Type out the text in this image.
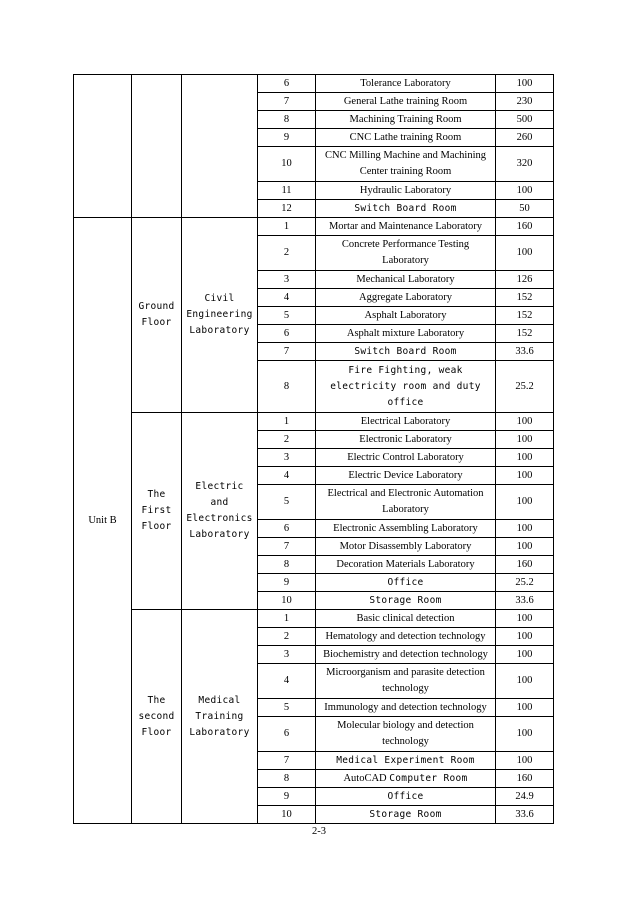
			6	Tolerance Laboratory	100
			7	General Lathe training Room	230
			8	Machining Training Room	500
			9	CNC Lathe training Room	260
			10	CNC Milling Machine and Machining Center training Room	320
			11	Hydraulic Laboratory	100
			12	Switch Board Room	50
Unit B	Ground Floor	Civil Engineering Laboratory	1	Mortar and Maintenance Laboratory	160
			2	Concrete Performance Testing Laboratory	100
			3	Mechanical Laboratory	126
			4	Aggregate Laboratory	152
			5	Asphalt Laboratory	152
			6	Asphalt mixture Laboratory	152
			7	Switch Board Room	33.6
			8	Fire Fighting, weak electricity room and duty office	25.2
	The First Floor	Electric and Electronics Laboratory	1	Electrical Laboratory	100
			2	Electronic Laboratory	100
			3	Electric Control Laboratory	100
			4	Electric Device Laboratory	100
			5	Electrical and Electronic Automation Laboratory	100
			6	Electronic Assembling Laboratory	100
			7	Motor Disassembly Laboratory	100
			8	Decoration Materials Laboratory	160
			9	Office	25.2
			10	Storage Room	33.6
	The second Floor	Medical Training Laboratory	1	Basic clinical detection	100
			2	Hematology and detection technology	100
			3	Biochemistry and detection technology	100
			4	Microorganism and parasite detection technology	100
			5	Immunology and detection technology	100
			6	Molecular biology and detection technology	100
			7	Medical Experiment Room	100
			8	AutoCAD Computer Room	160
			9	Office	24.9
			10	Storage Room	33.6
2-3
